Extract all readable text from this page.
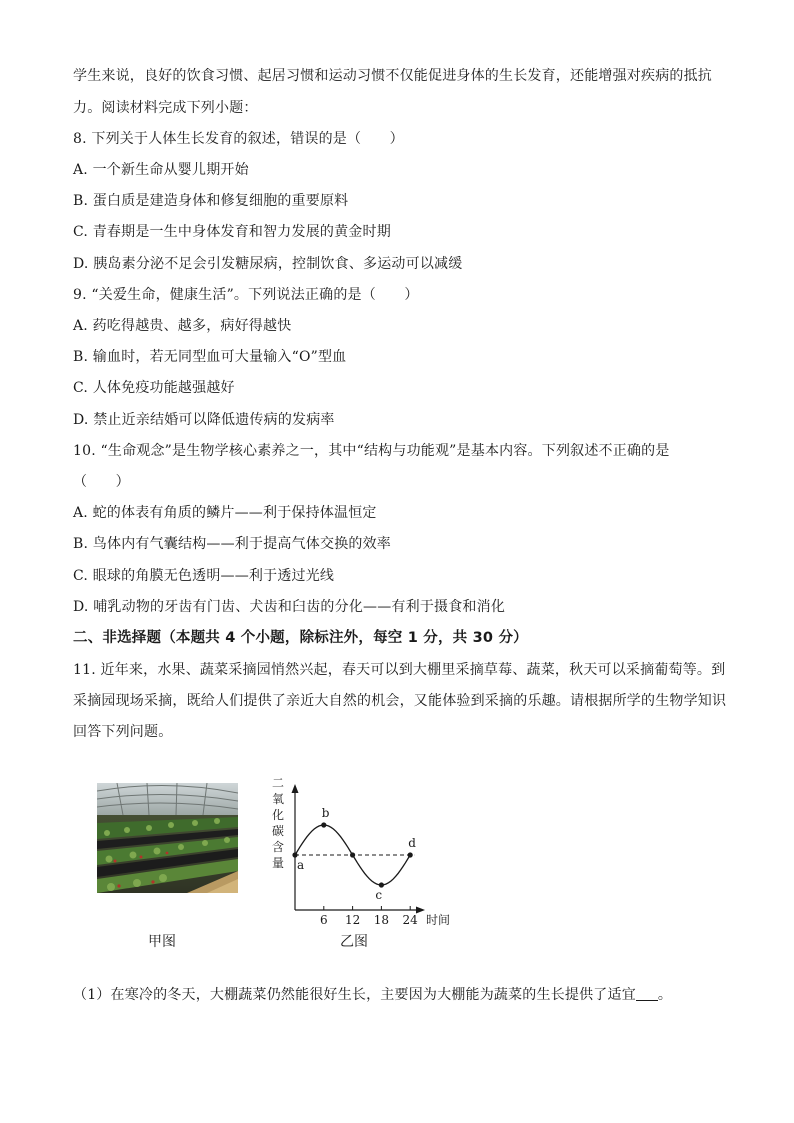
学生来说，良好的饮食习惯、起居习惯和运动习惯不仅能促进身体的生长发育，还能增强对疾病的抵抗
力。阅读材料完成下列小题：
8. 下列关于人体生长发育的叙述，错误的是（　　）
A. 一个新生命从婴儿期开始
B. 蛋白质是建造身体和修复细胞的重要原料
C. 青春期是一生中身体发育和智力发展的黄金时期
D. 胰岛素分泌不足会引发糖尿病，控制饮食、多运动可以减缓
9. “关爱生命，健康生活”。下列说法正确的是（　　）
A. 药吃得越贵、越多，病好得越快
B. 输血时，若无同型血可大量输入“O”型血
C. 人体免疫功能越强越好
D. 禁止近亲结婚可以降低遗传病的发病率
10. “生命观念”是生物学核心素养之一，其中“结构与功能观”是基本内容。下列叙述不正确的是
（　　）
A. 蛇的体表有角质的鳞片——利于保持体温恒定
B. 鸟体内有气囊结构——利于提高气体交换的效率
C. 眼球的角膜无色透明——利于透过光线
D. 哺乳动物的牙齿有门齿、犬齿和臼齿的分化——有利于摄食和消化
二、非选择题（本题共 4 个小题，除标注外，每空 1 分，共 30 分）
11. 近年来，水果、蔬菜采摘园悄然兴起，春天可以到大棚里采摘草莓、蔬菜，秋天可以采摘葡萄等。到
采摘园现场采摘，既给人们提供了亲近大自然的机会，又能体验到采摘的乐趣。请根据所学的生物学知识
回答下列问题。
甲图
二
氧
化
碳
含
量 a
b
c
d
6 12 18 24 时间
乙图
（1）在寒冷的冬天，大棚蔬菜仍然能很好生长，主要因为大棚能为蔬菜的生长提供了适宜 。
